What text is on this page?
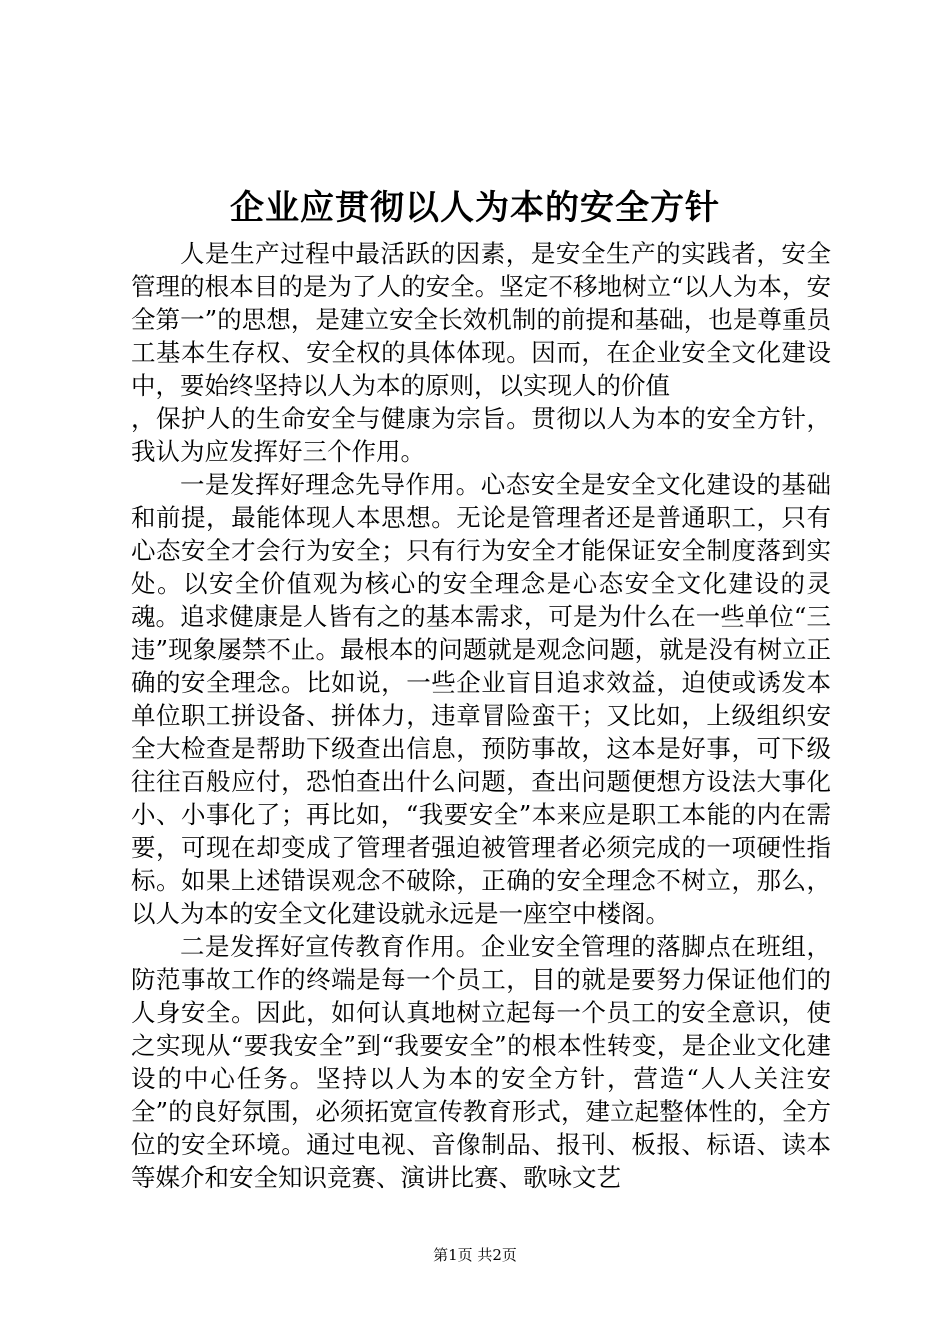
企业应贯彻以人为本的安全方针

人是生产过程中最活跃的因素，是安全生产的实践者，安全管理的根本目的是为了人的安全。坚定不移地树立“以人为本，安全第一”的思想，是建立安全长效机制的前提和基础，也是尊重员工基本生存权、安全权的具体体现。因而，在企业安全文化建设中，要始终坚持以人为本的原则，以实现人的价值

，保护人的生命安全与健康为宗旨。贯彻以人为本的安全方针，我认为应发挥好三个作用。

一是发挥好理念先导作用。心态安全是安全文化建设的基础和前提，最能体现人本思想。无论是管理者还是普通职工，只有心态安全才会行为安全；只有行为安全才能保证安全制度落到实处。以安全价值观为核心的安全理念是心态安全文化建设的灵魂。追求健康是人皆有之的基本需求，可是为什么在一些单位“三违”现象屡禁不止。最根本的问题就是观念问题，就是没有树立正确的安全理念。比如说，一些企业盲目追求效益，迫使或诱发本单位职工拼设备、拼体力，违章冒险蛮干；又比如，上级组织安全大检查是帮助下级查出信息，预防事故，这本是好事，可下级往往百般应付，恐怕查出什么问题，查出问题便想方设法大事化小、小事化了；再比如，“我要安全”本来应是职工本能的内在需要，可现在却变成了管理者强迫被管理者必须完成的一项硬性指标。如果上述错误观念不破除，正确的安全理念不树立，那么，以人为本的安全文化建设就永远是一座空中楼阁。

二是发挥好宣传教育作用。企业安全管理的落脚点在班组，防范事故工作的终端是每一个员工，目的就是要努力保证他们的人身安全。因此，如何认真地树立起每一个员工的安全意识，使之实现从“要我安全”到“我要安全”的根本性转变，是企业文化建设的中心任务。坚持以人为本的安全方针，营造“人人关注安全”的良好氛围，必须拓宽宣传教育形式，建立起整体性的，全方位的安全环境。通过电视、音像制品、报刊、板报、标语、读本等媒介和安全知识竞赛、演讲比赛、歌咏文艺

第1页 共2页
